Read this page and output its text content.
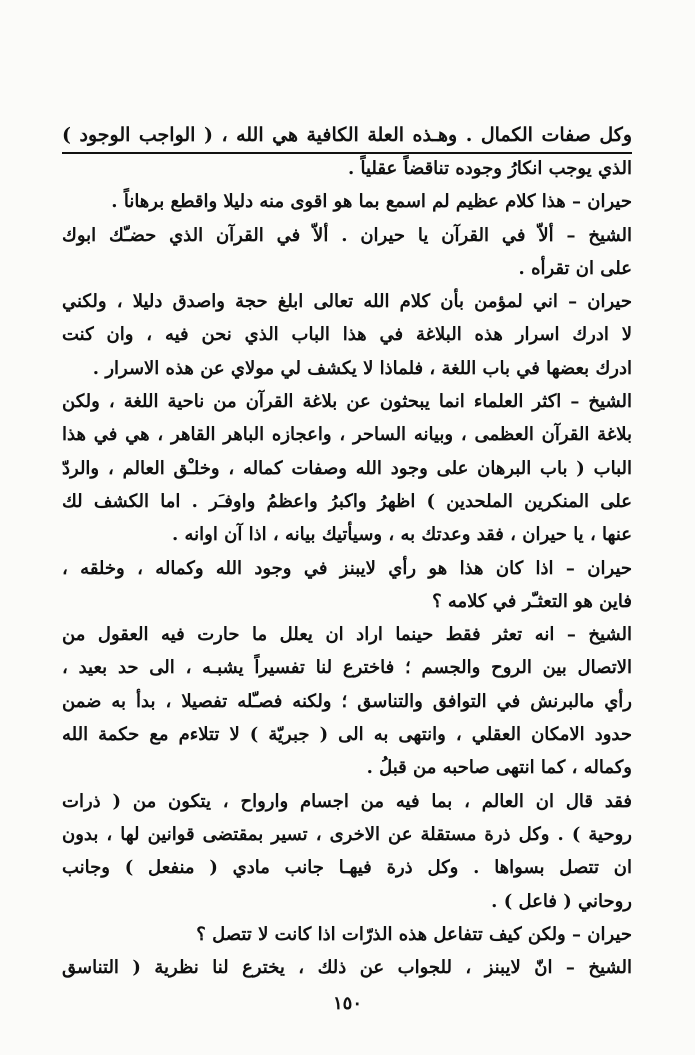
وكل صفات الكمال . وهـذه العلة الكافية هي الله ، ( الواجب الوجود )
الذي يوجب انكارُ وجوده تناقضاً عقلياً .
حيران – هذا كلام عظيم لم اسمع بما هو اقوى منه دليلا واقطع برهاناً .
الشيخ – ألاّ في القرآن يا حيران . ألاّ في القرآن الذي حضـّك ابوك
على ان تقرأه .
حيران – اني لمؤمن بأن كلام الله تعالى ابلغ حجة واصدق دليلا ، ولكني
لا ادرك اسرار هذه البلاغة في هذا الباب الذي نحن فيه ، وان كنت
ادرك بعضها في باب اللغة ، فلماذا لا يكشف لي مولاي عن هذه الاسرار .
الشيخ – اكثر العلماء انما يبحثون عن بلاغة القرآن من ناحية اللغة ، ولكن
بلاغة القرآن العظمى ، وبيانه الساحر ، واعجازه الباهر القاهر ، هي في هذا
الباب ( باب البرهان على وجود الله وصفات كماله ، وخلـْق العالم ، والردّ
على المنكرين الملحدين ) اظهرُ واكبرُ واعظمُ واوفـَر . اما الكشف لك
عنها ، يا حيران ، فقد وعدتك به ، وسيأتيك بيانه ، اذا آن اوانه .
حيران – اذا كان هذا هو رأي لايبنز في وجود الله وكماله ، وخلقه ،
فاين هو التعثـّر في كلامه ؟
الشيخ – انه تعثر فقط حينما اراد ان يعلل ما حارت فيه العقول من
الاتصال بين الروح والجسم ؛ فاخترع لنا تفسيراً يشبـه ، الى حد بعيد ،
رأي مالبرنش في التوافق والتناسق ؛ ولكنه فصـّله تفصيلا ، بدأ به ضمن
حدود الامكان العقلي ، وانتهى به الى ( جبريّة ) لا تتلاءم مع حكمة الله
وكماله ، كما انتهى صاحبه من قبلُ .
فقد قال ان العالم ، بما فيه من اجسام وارواح ، يتكون من ( ذرات
روحية ) . وكل ذرة مستقلة عن الاخرى ، تسير بمقتضى قوانين لها ، بدون
ان تتصل بسواها . وكل ذرة فيهـا جانب مادي ( منفعل ) وجانب
روحاني ( فاعل ) .
حيران – ولكن كيف تتفاعل هذه الذرّات اذا كانت لا تتصل ؟
الشيخ – انّ لايبنز ، للجواب عن ذلك ، يخترع لنا نظرية ( التناسق
١٥٠
